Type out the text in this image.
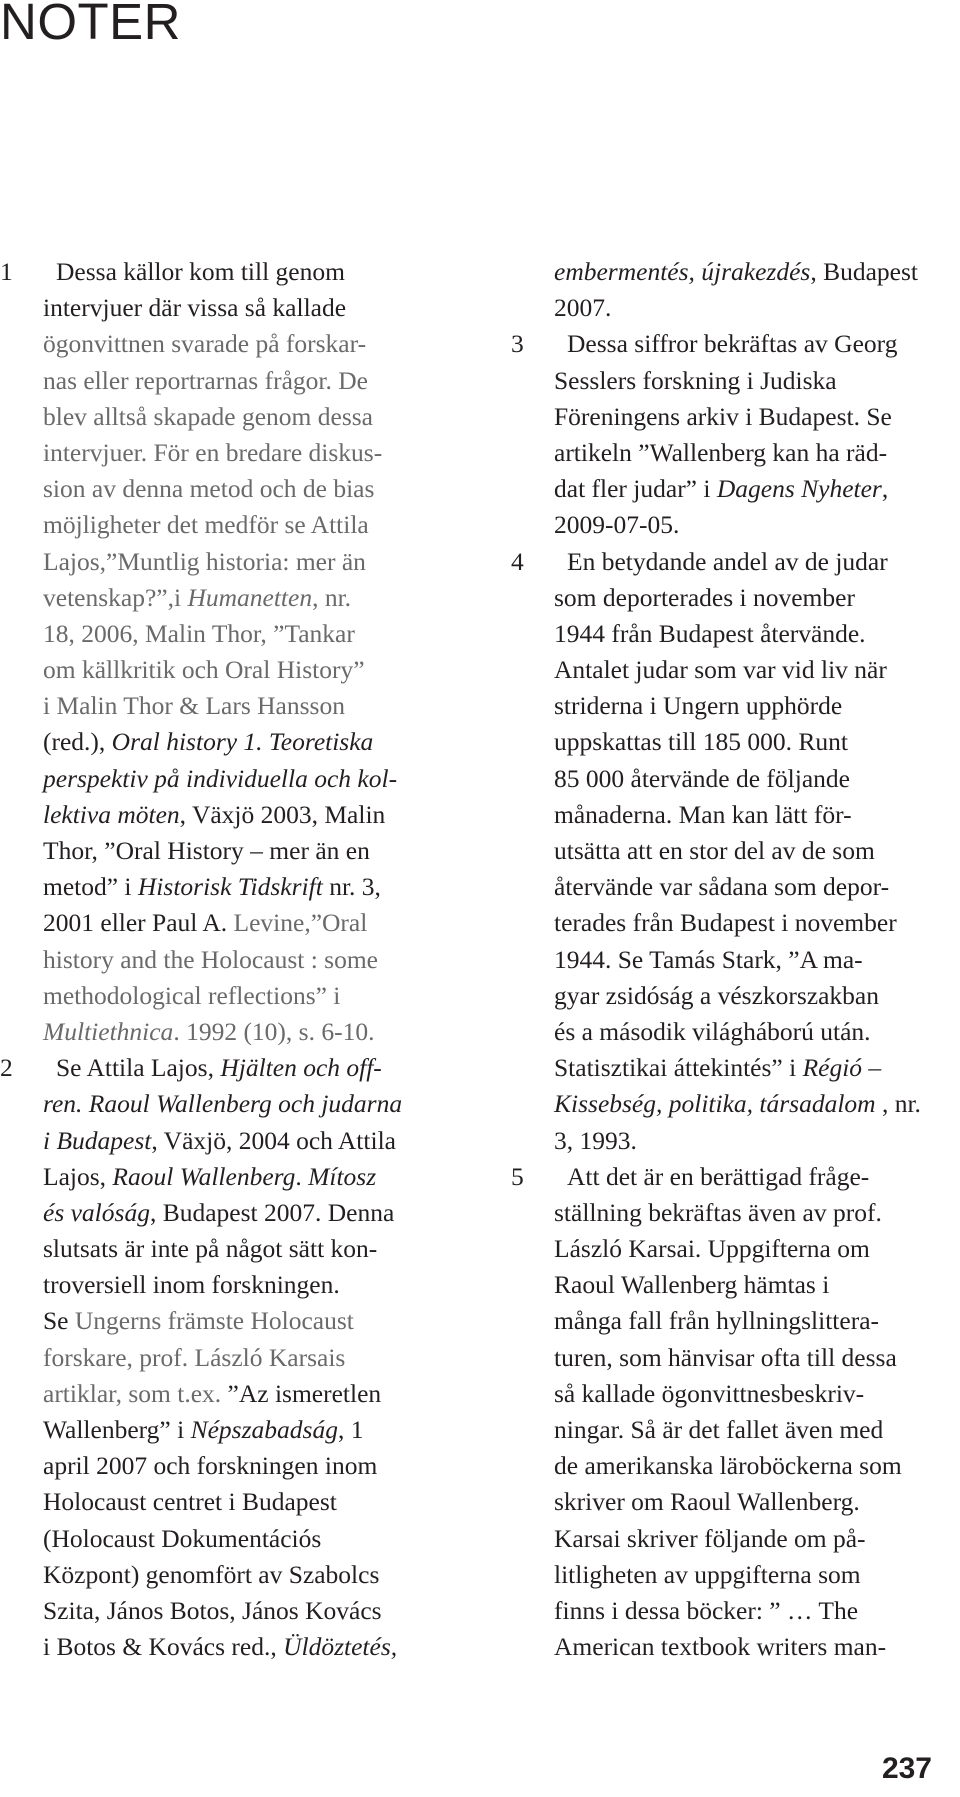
NOTER
1 Dessa källor kom till genom
intervjuer där vissa så kallade
ögonvittnen svarade på forskar-
nas eller reportrarnas frågor. De
blev alltså skapade genom dessa
intervjuer. För en bredare diskus-
sion av denna metod och de bias
möjligheter det medför se Attila
Lajos,”Muntlig historia: mer än
vetenskap?”,i Humanetten, nr.
18, 2006, Malin Thor, ”Tankar
om källkritik och Oral History”
i Malin Thor & Lars Hansson
(red.), Oral history 1. Teoretiska
perspektiv på individuella och kol-
lektiva möten, Växjö 2003, Malin
Thor, ”Oral History – mer än en
metod” i Historisk Tidskrift nr. 3,
2001 eller Paul A. Levine,”Oral
history and the Holocaust : some
methodological reflections” i
Multiethnica. 1992 (10), s. 6-10.
2 Se Attila Lajos, Hjälten och off-
ren. Raoul Wallenberg och judarna
i Budapest, Växjö, 2004 och Attila
Lajos, Raoul Wallenberg. Mítosz
és valóság, Budapest 2007. Denna
slutsats är inte på något sätt kon-
troversiell inom forskningen.
Se Ungerns främste Holocaust
forskare, prof. László Karsais
artiklar, som t.ex. ”Az ismeretlen
Wallenberg” i Népszabadság, 1
april 2007 och forskningen inom
Holocaust centret i Budapest
(Holocaust Dokumentációs
Központ) genomfört av Szabolcs
Szita, János Botos, János Kovács
i Botos & Kovács red., Üldöztetés,
embermentés, újrakezdés, Budapest
2007.
3 Dessa siffror bekräftas av Georg
Sesslers forskning i Judiska
Föreningens arkiv i Budapest. Se
artikeln ”Wallenberg kan ha räd-
dat fler judar” i Dagens Nyheter,
2009-07-05.
4 En betydande andel av de judar
som deporterades i november
1944 från Budapest återvände.
Antalet judar som var vid liv när
striderna i Ungern upphörde
uppskattas till 185 000. Runt
85 000 återvände de följande
månaderna. Man kan lätt för-
utsätta att en stor del av de som
återvände var sådana som depor-
terades från Budapest i november
1944. Se Tamás Stark, ”A ma-
gyar zsidóság a vészkorszakban
és a második világháború után.
Statisztikai áttekintés” i Régió –
Kissebség, politika, társadalom , nr.
3, 1993.
5 Att det är en berättigad fråge-
ställning bekräftas även av prof.
László Karsai. Uppgifterna om
Raoul Wallenberg hämtas i
många fall från hyllningslittera-
turen, som hänvisar ofta till dessa
så kallade ögonvittnesbeskriv-
ningar. Så är det fallet även med
de amerikanska läroböckerna som
skriver om Raoul Wallenberg.
Karsai skriver följande om på-
litligheten av uppgifterna som
finns i dessa böcker: ” … The
American textbook writers man-
237
